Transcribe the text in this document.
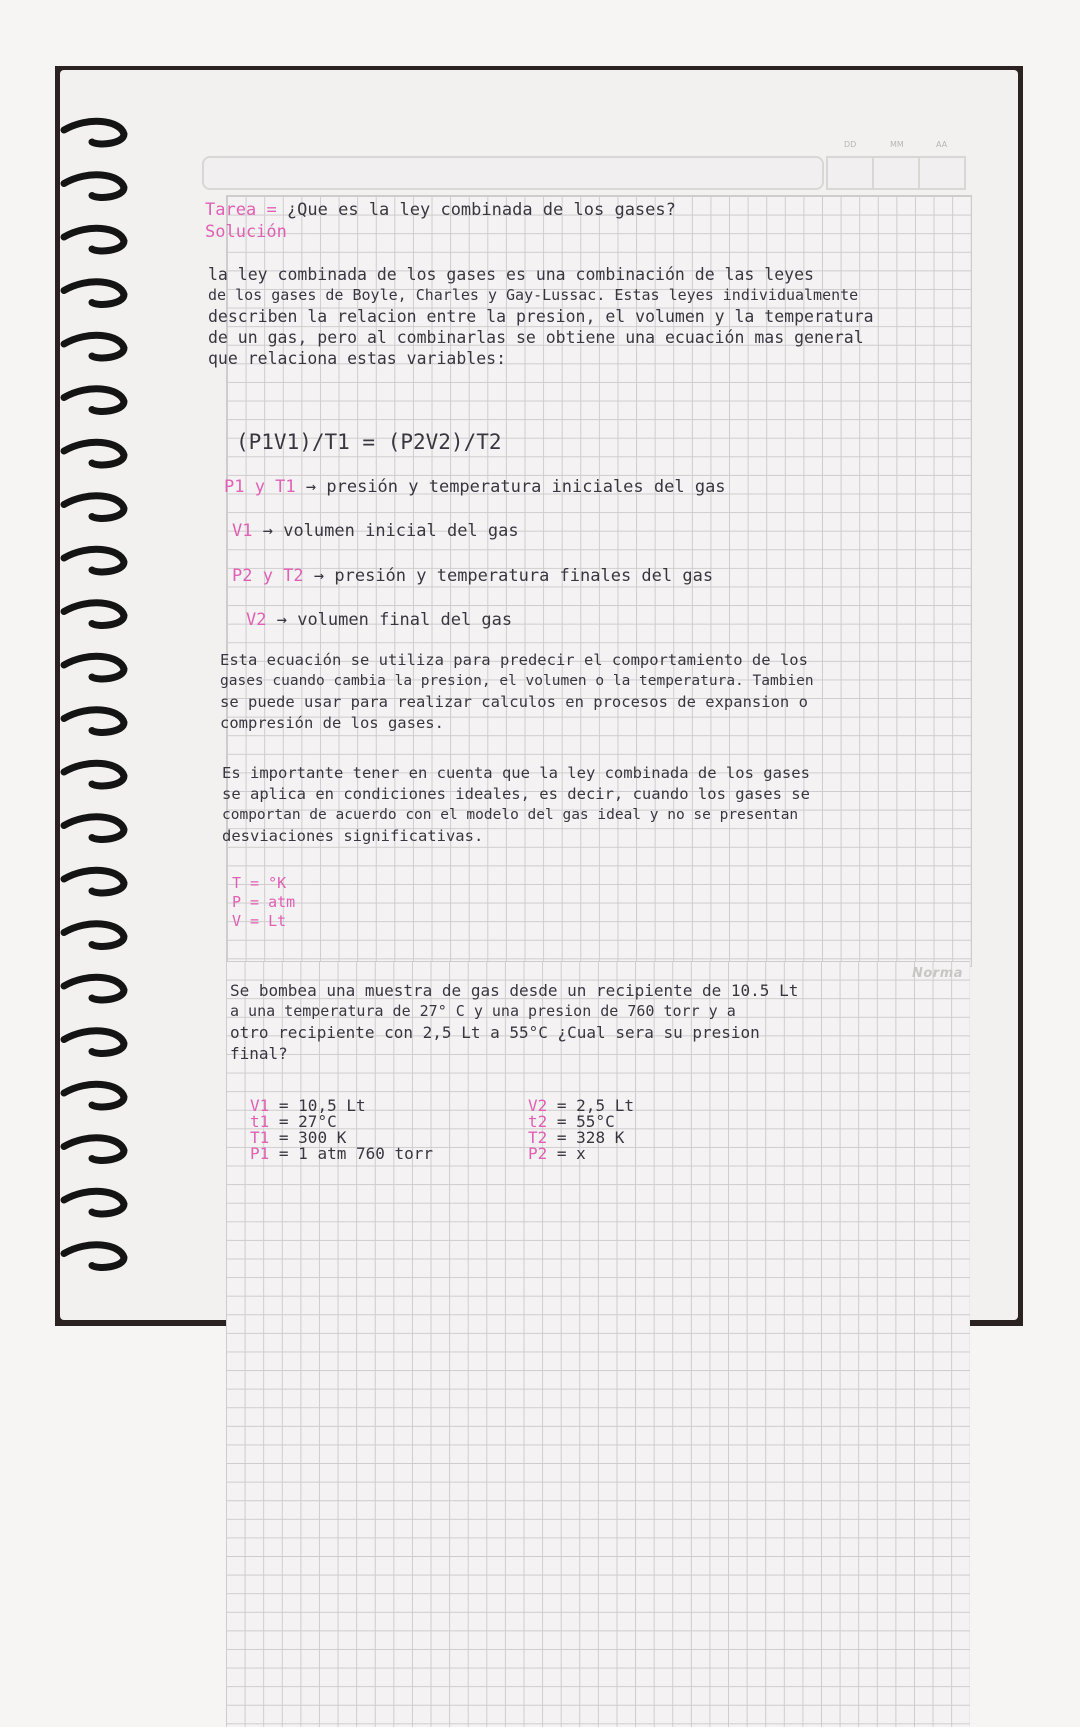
DD	MM	AA
Norma
Tarea = ¿Que es la ley combinada de los gases?
Solución
la ley combinada de los gases es una combinación de las leyes
de los gases de Boyle, Charles y Gay-Lussac. Estas leyes individualmente
describen la relacion entre la presion, el volumen y la temperatura
de un gas, pero al combinarlas se obtiene una ecuación mas general
que relaciona estas variables:
(P1V1)/T1 = (P2V2)/T2
P1 y T1 → presión y temperatura iniciales del gas
V1 → volumen inicial del gas
P2 y T2 → presión y temperatura finales del gas
V2 → volumen final del gas
Esta ecuación se utiliza para predecir el comportamiento de los
gases cuando cambia la presion, el volumen o la temperatura. Tambien
se puede usar para realizar calculos en procesos de expansion o
compresión de los gases.
Es importante tener en cuenta que la ley combinada de los gases
se aplica en condiciones ideales, es decir, cuando los gases se
comportan de acuerdo con el modelo del gas ideal y no se presentan
desviaciones significativas.
T = °K
P = atm
V = Lt
Se bombea una muestra de gas desde un recipiente de 10.5 Lt
a una temperatura de 27° C y una presion de 760 torr y a
otro recipiente con 2,5 Lt a 55°C ¿Cual sera su presion
final?
V1 = 10,5 Lt
t1 = 27°C
T1 = 300 K
P1 = 1 atm 760 torr
V2 = 2,5 Lt
t2 = 55°C
T2 = 328 K
P2 = x
